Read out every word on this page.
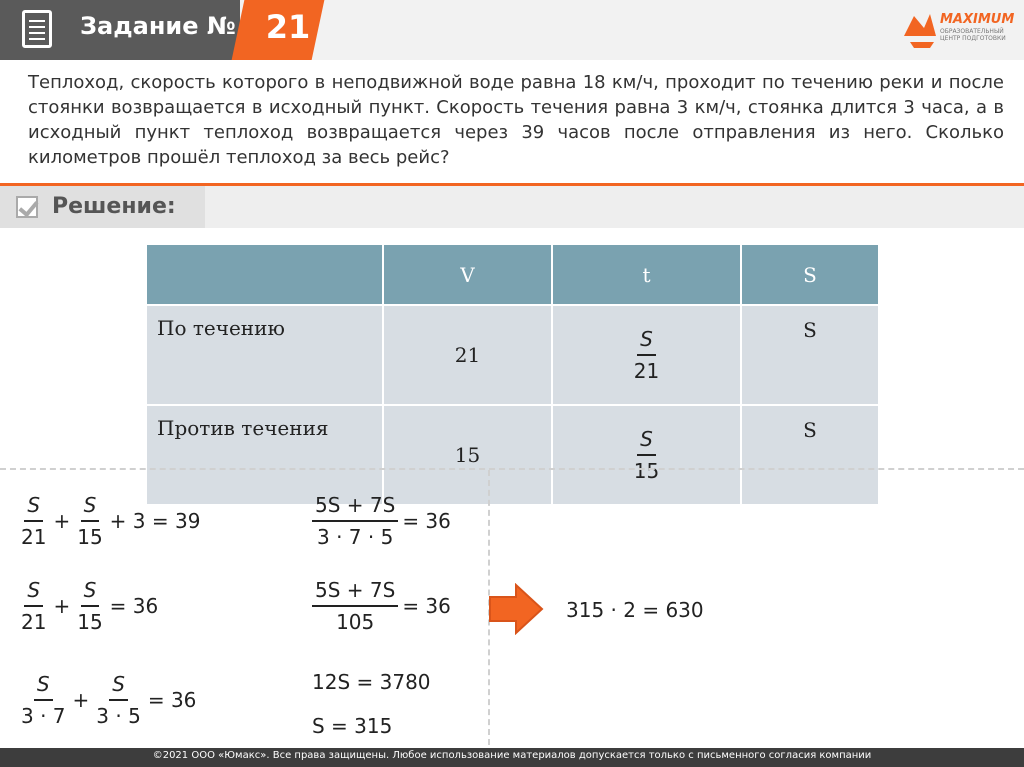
Задание № 21	MAXIMUM
ОБРАЗОВАТЕЛЬНЫЙ ЦЕНТР ПОДГОТОВКИ
Теплоход, скорость которого в неподвижной воде равна 18 км/ч, проходит по течению реки и после стоянки возвращается в исходный пункт. Скорость течения равна 3 км/ч, стоянка длится 3 часа, а в исходный пункт теплоход возвращается через 39 часов после отправления из него. Сколько километров прошёл теплоход за весь рейс?
Решение:
	V	t	S
По течению	21	$\frac{S}{21}$	S
Против течения	15	$\frac{S}{15}$	S
$\frac{S}{21} + \frac{S}{15} + 3 = 39$
$\frac{S}{21} + \frac{S}{15} = 36$
$\frac{S}{3 \cdot 7} + \frac{S}{3 \cdot 5} = 36$
$\frac{5S + 7S}{3 \cdot 7 \cdot 5} = 36$
$\frac{5S + 7S}{105} = 36$
12S = 3780
S = 315
315 · 2 = 630
©2021 ООО «Юмакс». Все права защищены. Любое использование материалов допускается только с письменного согласия компании
